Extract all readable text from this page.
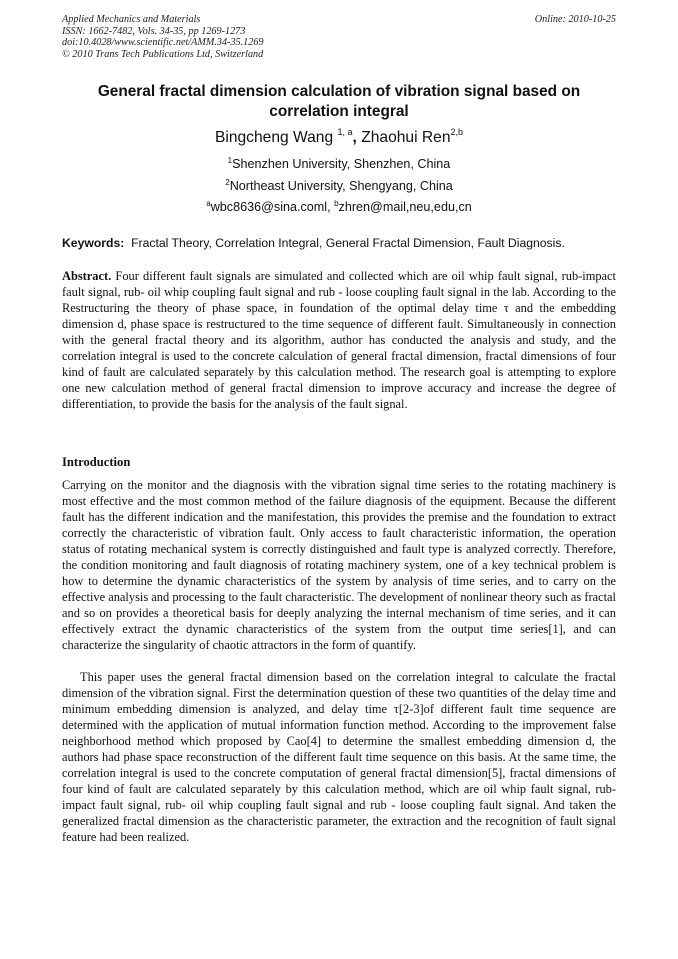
Applied Mechanics and Materials
ISSN: 1662-7482, Vols. 34-35, pp 1269-1273
doi:10.4028/www.scientific.net/AMM.34-35.1269
© 2010 Trans Tech Publications Ltd, Switzerland
Online: 2010-10-25
General fractal dimension calculation of vibration signal based on correlation integral
Bingcheng Wang $^{1, a}$, Zhaohui Ren$^{2,b}$
$^1$Shenzhen University, Shenzhen, China
$^2$Northeast University, Shengyang, China
$^a$wbc8636@sina.coml, $^b$zhren@mail,neu,edu,cn
Keywords: Fractal Theory, Correlation Integral, General Fractal Dimension, Fault Diagnosis.
Abstract. Four different fault signals are simulated and collected which are oil whip fault signal, rub-impact fault signal, rub- oil whip coupling fault signal and rub - loose coupling fault signal in the lab. According to the Restructuring the theory of phase space, in foundation of the optimal delay time τ and the embedding dimension d, phase space is restructured to the time sequence of different fault. Simultaneously in connection with the general fractal theory and its algorithm, author has conducted the analysis and study, and the correlation integral is used to the concrete calculation of general fractal dimension, fractal dimensions of four kind of fault are calculated separately by this calculation method. The research goal is attempting to explore one new calculation method of general fractal dimension to improve accuracy and increase the degree of differentiation, to provide the basis for the analysis of the fault signal.
Introduction

Carrying on the monitor and the diagnosis with the vibration signal time series to the rotating machinery is most effective and the most common method of the failure diagnosis of the equipment. Because the different fault has the different indication and the manifestation, this provides the premise and the foundation to extract correctly the characteristic of vibration fault. Only access to fault characteristic information, the operation status of rotating mechanical system is correctly distinguished and fault type is analyzed correctly. Therefore, the condition monitoring and fault diagnosis of rotating machinery system, one of a key technical problem is how to determine the dynamic characteristics of the system by analysis of time series, and to carry on the effective analysis and processing to the fault characteristic. The development of nonlinear theory such as fractal and so on provides a theoretical basis for deeply analyzing the internal mechanism of time series, and it can effectively extract the dynamic characteristics of the system from the output time series[1], and can characterize the singularity of chaotic attractors in the form of quantify.

This paper uses the general fractal dimension based on the correlation integral to calculate the fractal dimension of the vibration signal. First the determination question of these two quantities of the delay time and minimum embedding dimension is analyzed, and delay time τ[2-3]of different fault time sequence are determined with the application of mutual information function method. According to the improvement false neighborhood method which proposed by Cao[4] to determine the smallest embedding dimension d, the authors had phase space reconstruction of the different fault time sequence on this basis. At the same time, the correlation integral is used to the concrete computation of general fractal dimension[5], fractal dimensions of four kind of fault are calculated separately by this calculation method, which are oil whip fault signal, rub-impact fault signal, rub- oil whip coupling fault signal and rub - loose coupling fault signal. And taken the generalized fractal dimension as the characteristic parameter, the extraction and the recognition of fault signal feature had been realized.
